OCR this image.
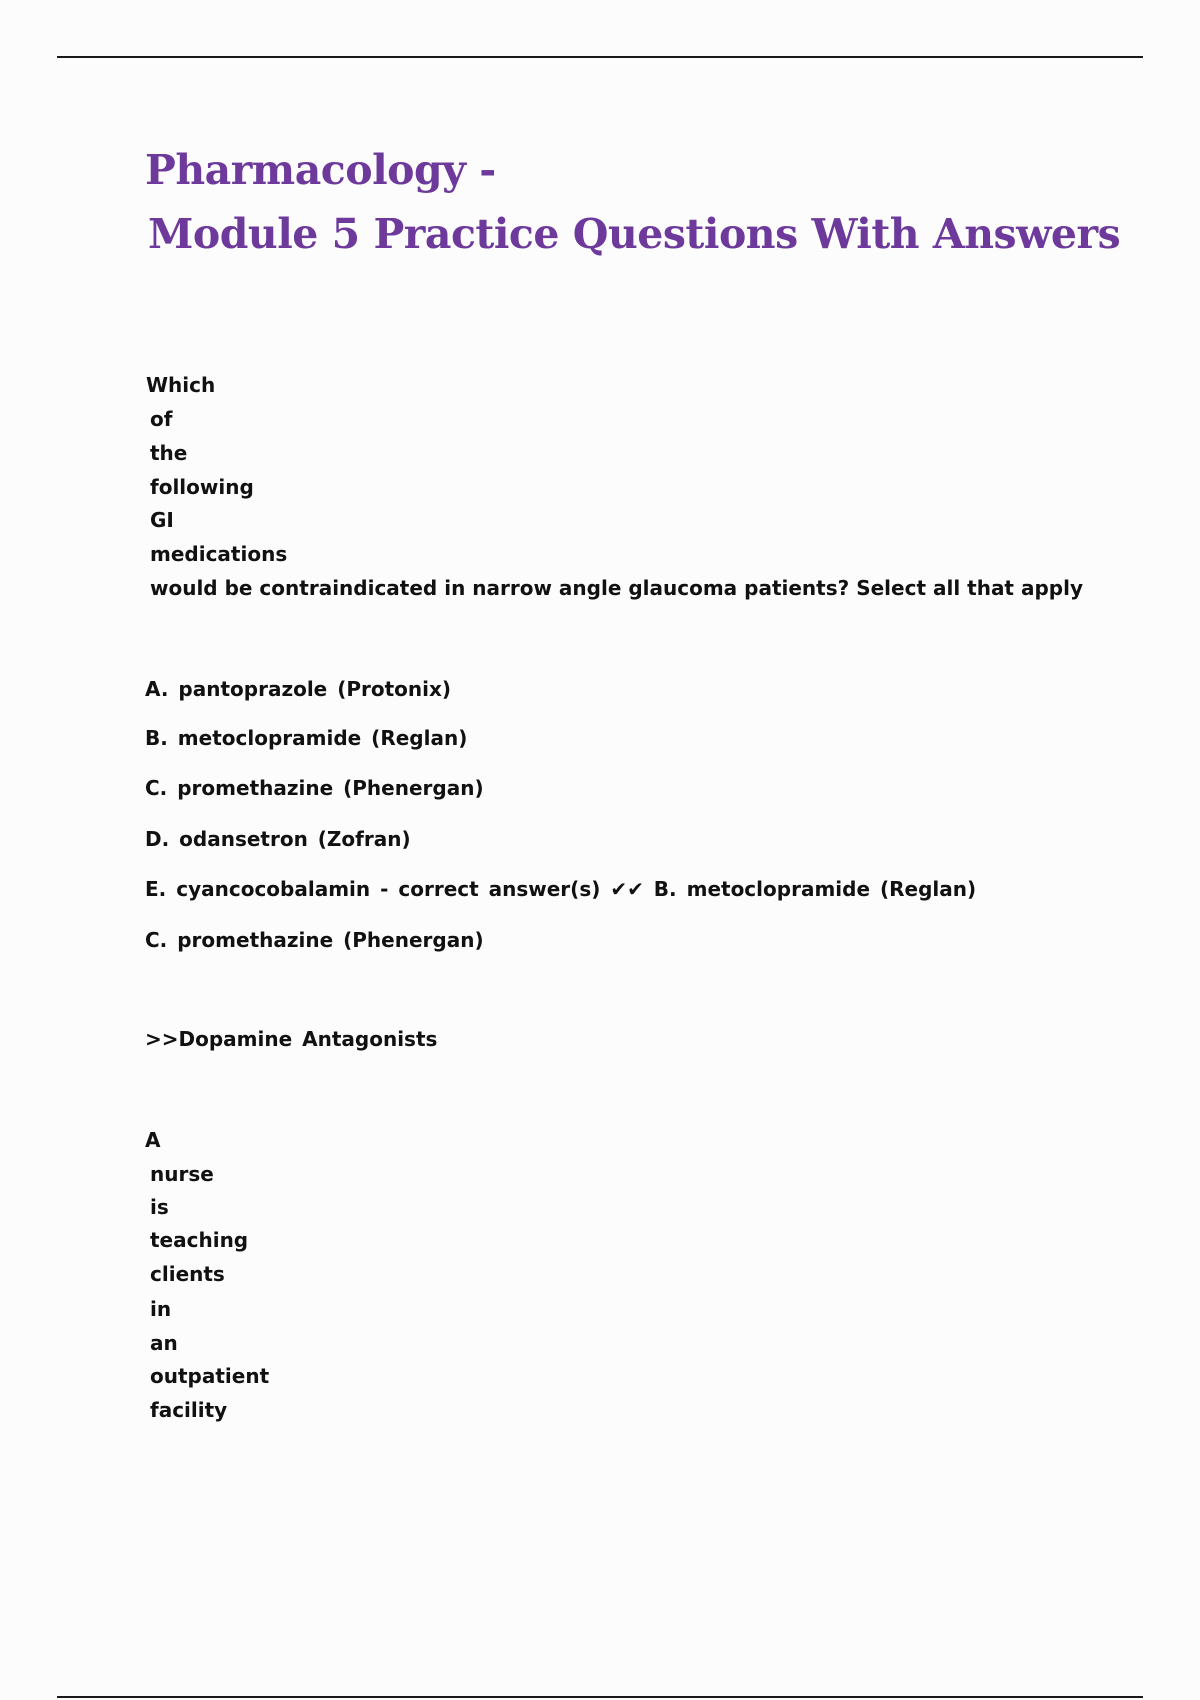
Pharmacology -
Module 5 Practice Questions With Answers
Which
of
the
following
GI
medications
would be contraindicated in narrow angle glaucoma patients? Select all that apply
A. pantoprazole (Protonix)
B. metoclopramide (Reglan)
C. promethazine (Phenergan)
D. odansetron (Zofran)
E. cyancocobalamin - correct answer(s) ✔✔ B. metoclopramide (Reglan)
C. promethazine (Phenergan)
>>Dopamine Antagonists
A
nurse
is
teaching
clients
in
an
outpatient
facility
